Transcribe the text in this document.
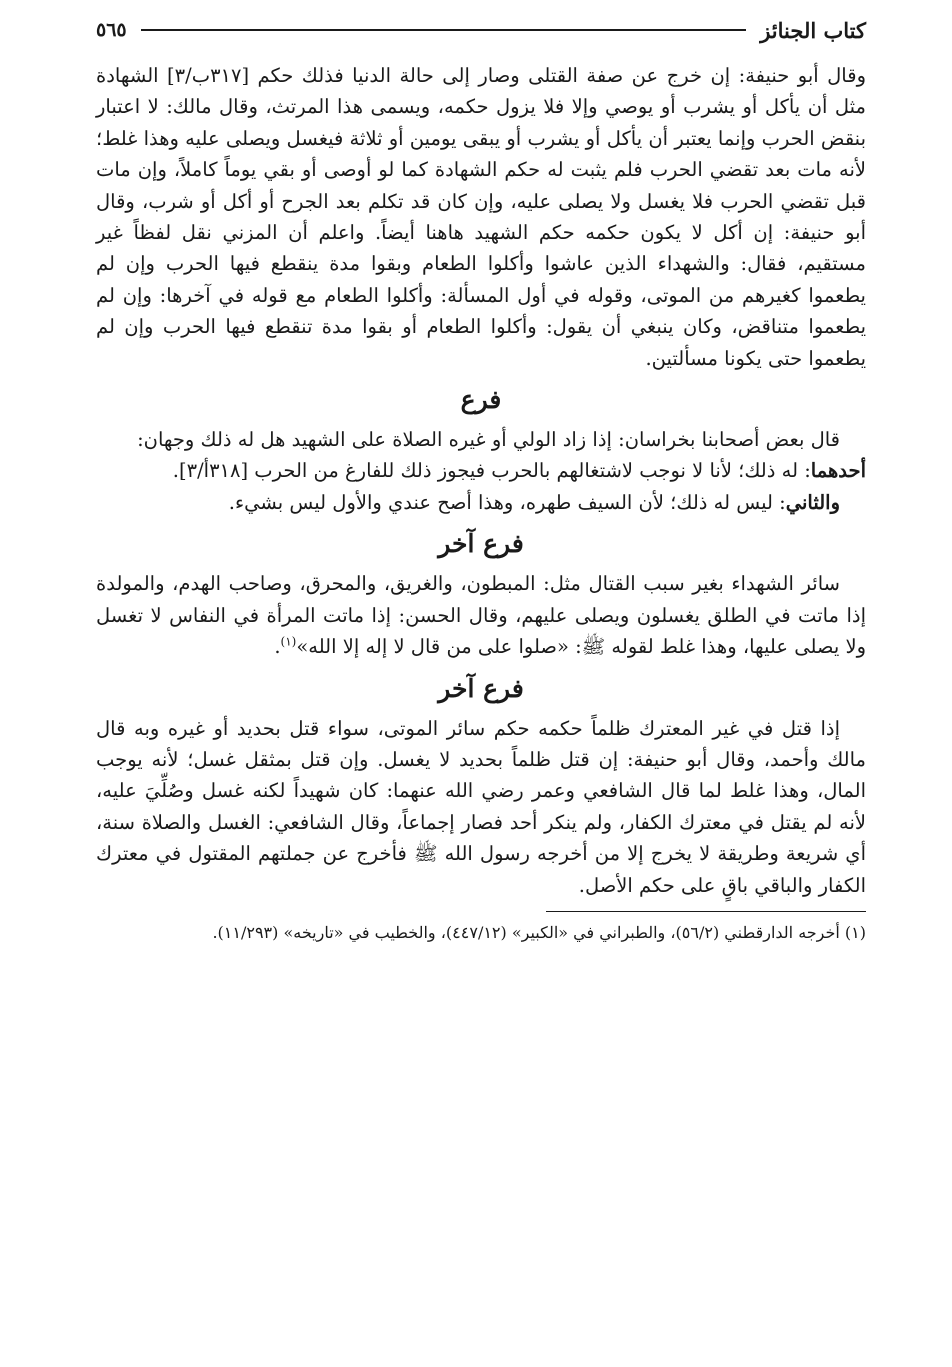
كتاب الجنائز
٥٦٥

وقال أبو حنيفة: إن خرج عن صفة القتلى وصار إلى حالة الدنيا فذلك حكم [٣١٧ب/٣] الشهادة مثل أن يأكل أو يشرب أو يوصي وإلا فلا يزول حكمه، ويسمى هذا المرتث، وقال مالك: لا اعتبار بنقض الحرب وإنما يعتبر أن يأكل أو يشرب أو يبقى يومين أو ثلاثة فيغسل ويصلى عليه وهذا غلط؛ لأنه مات بعد تقضي الحرب فلم يثبت له حكم الشهادة كما لو أوصى أو بقي يوماً كاملاً، وإن مات قبل تقضي الحرب فلا يغسل ولا يصلى عليه، وإن كان قد تكلم بعد الجرح أو أكل أو شرب، وقال أبو حنيفة: إن أكل لا يكون حكمه حكم الشهيد هاهنا أيضاً. واعلم أن المزني نقل لفظاً غير مستقيم، فقال: والشهداء الذين عاشوا وأكلوا الطعام وبقوا مدة ينقطع فيها الحرب وإن لم يطعموا كغيرهم من الموتى، وقوله في أول المسألة: وأكلوا الطعام مع قوله في آخرها: وإن لم يطعموا متناقض، وكان ينبغي أن يقول: وأكلوا الطعام أو بقوا مدة تنقطع فيها الحرب وإن لم يطعموا حتى يكونا مسألتين.

فرع

قال بعض أصحابنا بخراسان: إذا زاد الولي أو غيره الصلاة على الشهيد هل له ذلك وجهان:

أحدهما: له ذلك؛ لأنا لا نوجب لاشتغالهم بالحرب فيجوز ذلك للفارغ من الحرب [٣١٨أ/٣].

والثاني: ليس له ذلك؛ لأن السيف طهره، وهذا أصح عندي والأول ليس بشيء.

فرع آخر

سائر الشهداء بغير سبب القتال مثل: المبطون، والغريق، والمحرق، وصاحب الهدم، والمولدة إذا ماتت في الطلق يغسلون ويصلى عليهم، وقال الحسن: إذا ماتت المرأة في النفاس لا تغسل ولا يصلى عليها، وهذا غلط لقوله ﷺ: «صلوا على من قال لا إله إلا الله»$^{(١)}$.

فرع آخر

إذا قتل في غير المعترك ظلماً حكمه حكم سائر الموتى، سواء قتل بحديد أو غيره وبه قال مالك وأحمد، وقال أبو حنيفة: إن قتل ظلماً بحديد لا يغسل. وإن قتل بمثقل غسل؛ لأنه يوجب المال، وهذا غلط لما قال الشافعي وعمر رضي الله عنهما: كان شهيداً لكنه غسل وصُلِّيَ عليه، لأنه لم يقتل في معترك الكفار، ولم ينكر أحد فصار إجماعاً، وقال الشافعي: الغسل والصلاة سنة، أي شريعة وطريقة لا يخرج إلا من أخرجه رسول الله ﷺ فأخرج عن جملتهم المقتول في معترك الكفار والباقي باقٍ على حكم الأصل.

(١) أخرجه الدارقطني (٥٦/٢)، والطبراني في «الكبير» (٤٤٧/١٢)، والخطيب في «تاريخه» (١١/٢٩٣).
